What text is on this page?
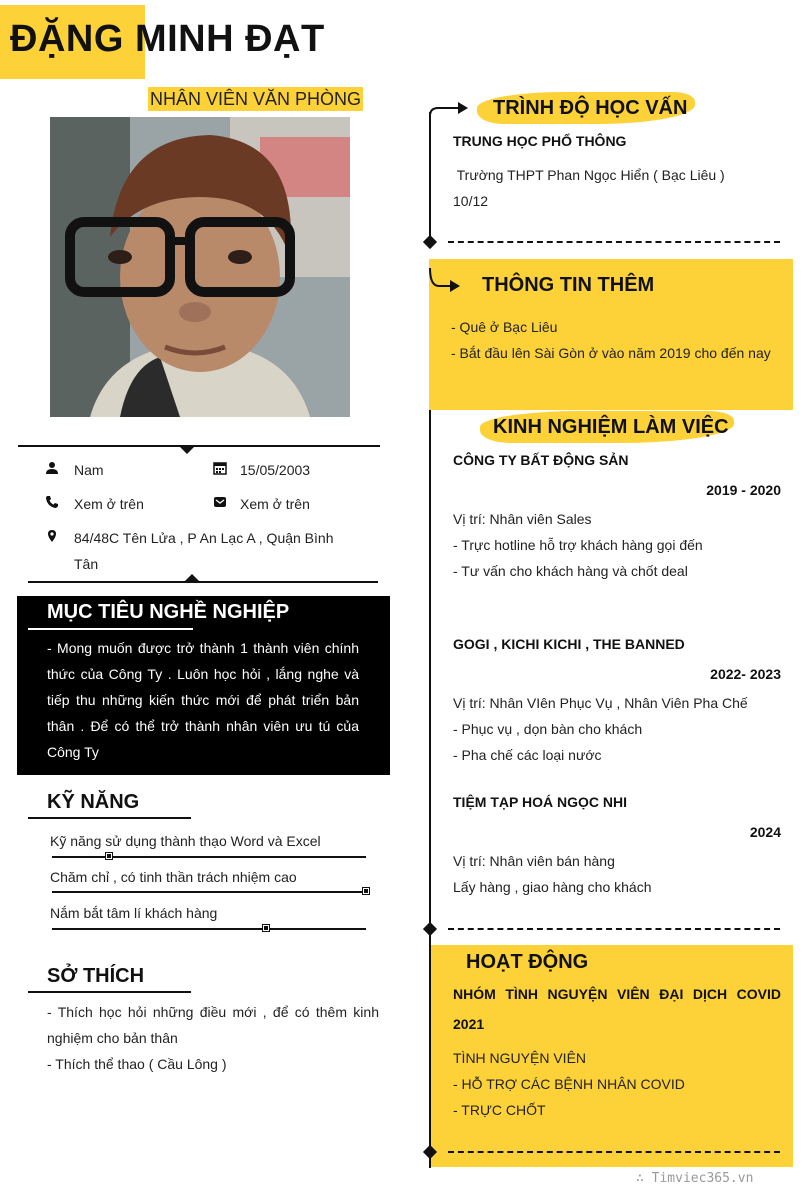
ĐẶNG MINH ĐẠT
NHÂN VIÊN VĂN PHÒNG
Nam	15/05/2003
Xem ở trên	Xem ở trên
84/48C Tên Lửa , P An Lạc A , Quận Bình
Tân
MỤC TIÊU NGHỀ NGHIỆP
- Mong muốn được trở thành 1 thành viên chính
thức của Công Ty . Luôn học hỏi , lắng nghe và
tiếp thu những kiến thức mới để phát triển bản
thân . Để có thể trở thành nhân viên ưu tú của
Công Ty
KỸ NĂNG
Kỹ năng sử dụng thành thạo Word và Excel
Chăm chỉ , có tinh thần trách nhiệm cao
Nắm bắt tâm lí khách hàng
SỞ THÍCH
- Thích học hỏi những điều mới , để có thêm kinh
nghiệm cho bản thân
- Thích thể thao ( Cầu Lông )
TRÌNH ĐỘ HỌC VẤN
TRUNG HỌC PHỔ THÔNG
Trường THPT Phan Ngọc Hiển ( Bạc Liêu )
10/12
THÔNG TIN THÊM
- Quê ở Bạc Liêu
- Bắt đầu lên Sài Gòn ở vào năm 2019 cho đến nay
KINH NGHIỆM LÀM VIỆC
CÔNG TY BẤT ĐỘNG SẢN
2019 - 2020
Vị trí: Nhân viên Sales
- Trực hotline hỗ trợ khách hàng gọi đến
- Tư vấn cho khách hàng và chốt deal
GOGI , KICHI KICHI , THE BANNED
2022- 2023
Vị trí: Nhân VIên Phục Vụ , Nhân Viên Pha Chế
- Phục vụ , dọn bàn cho khách
- Pha chế các loại nước
TIỆM TẠP HOÁ NGỌC NHI
2024
Vị trí: Nhân viên bán hàng
Lấy hàng , giao hàng cho khách
HOẠT ĐỘNG
NHÓM  TÌNH  NGUYỆN  VIÊN  ĐẠI  DỊCH  COVID
2021
TÌNH NGUYỆN VIÊN
- HỖ TRỢ CÁC BỆNH NHÂN COVID
- TRỰC CHỐT
∴ Timviec365.vn
